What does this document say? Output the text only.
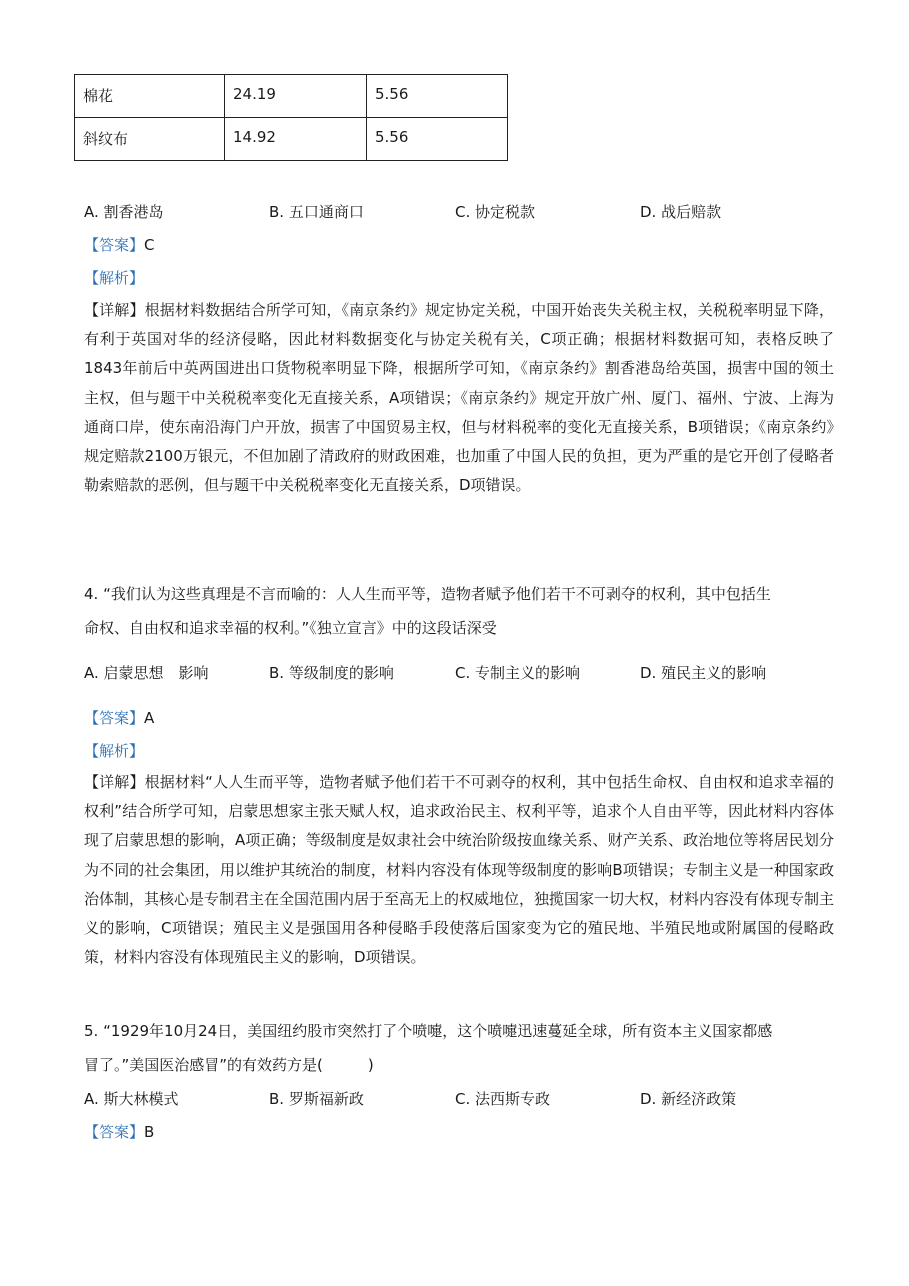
棉花	24.19	5.56
斜纹布	14.92	5.56
A. 割香港岛	B. 五口通商口	C. 协定税款	D. 战后赔款
【答案】C
【解析】
【详解】根据材料数据结合所学可知，《南京条约》规定协定关税，中国开始丧失关税主权，关税税率明显下降，有利于英国对华的经济侵略，因此材料数据变化与协定关税有关，C项正确；根据材料数据可知，表格反映了1843年前后中英两国进出口货物税率明显下降，根据所学可知，《南京条约》割香港岛给英国，损害中国的领土主权，但与题干中关税税率变化无直接关系，A项错误；《南京条约》规定开放广州、厦门、福州、宁波、上海为通商口岸，使东南沿海门户开放，损害了中国贸易主权，但与材料税率的变化无直接关系，B项错误；《南京条约》规定赔款2100万银元，不但加剧了清政府的财政困难，也加重了中国人民的负担，更为严重的是它开创了侵略者勒索赔款的恶例，但与题干中关税税率变化无直接关系，D项错误。
4. “我们认为这些真理是不言而喻的：人人生而平等，造物者赋予他们若干不可剥夺的权利，其中包括生
命权、自由权和追求幸福的权利。”《独立宣言》中的这段话深受
A. 启蒙思想　影响	B. 等级制度的影响	C. 专制主义的影响	D. 殖民主义的影响
【答案】A
【解析】
【详解】根据材料“人人生而平等，造物者赋予他们若干不可剥夺的权利，其中包括生命权、自由权和追求幸福的权利”结合所学可知，启蒙思想家主张天赋人权，追求政治民主、权利平等，追求个人自由平等，因此材料内容体现了启蒙思想的影响，A项正确；等级制度是奴隶社会中统治阶级按血缘关系、财产关系、政治地位等将居民划分为不同的社会集团，用以维护其统治的制度，材料内容没有体现等级制度的影响B项错误；专制主义是一种国家政治体制，其核心是专制君主在全国范围内居于至高无上的权威地位，独揽国家一切大权，材料内容没有体现专制主义的影响，C项错误；殖民主义是强国用各种侵略手段使落后国家变为它的殖民地、半殖民地或附属国的侵略政策，材料内容没有体现殖民主义的影响，D项错误。
5. “1929年10月24日，美国纽约股市突然打了个喷嚏，这个喷嚏迅速蔓延全球，所有资本主义国家都感
冒了。”美国医治感冒”的有效药方是(　　　)
A. 斯大林模式	B. 罗斯福新政	C. 法西斯专政	D. 新经济政策
【答案】B
